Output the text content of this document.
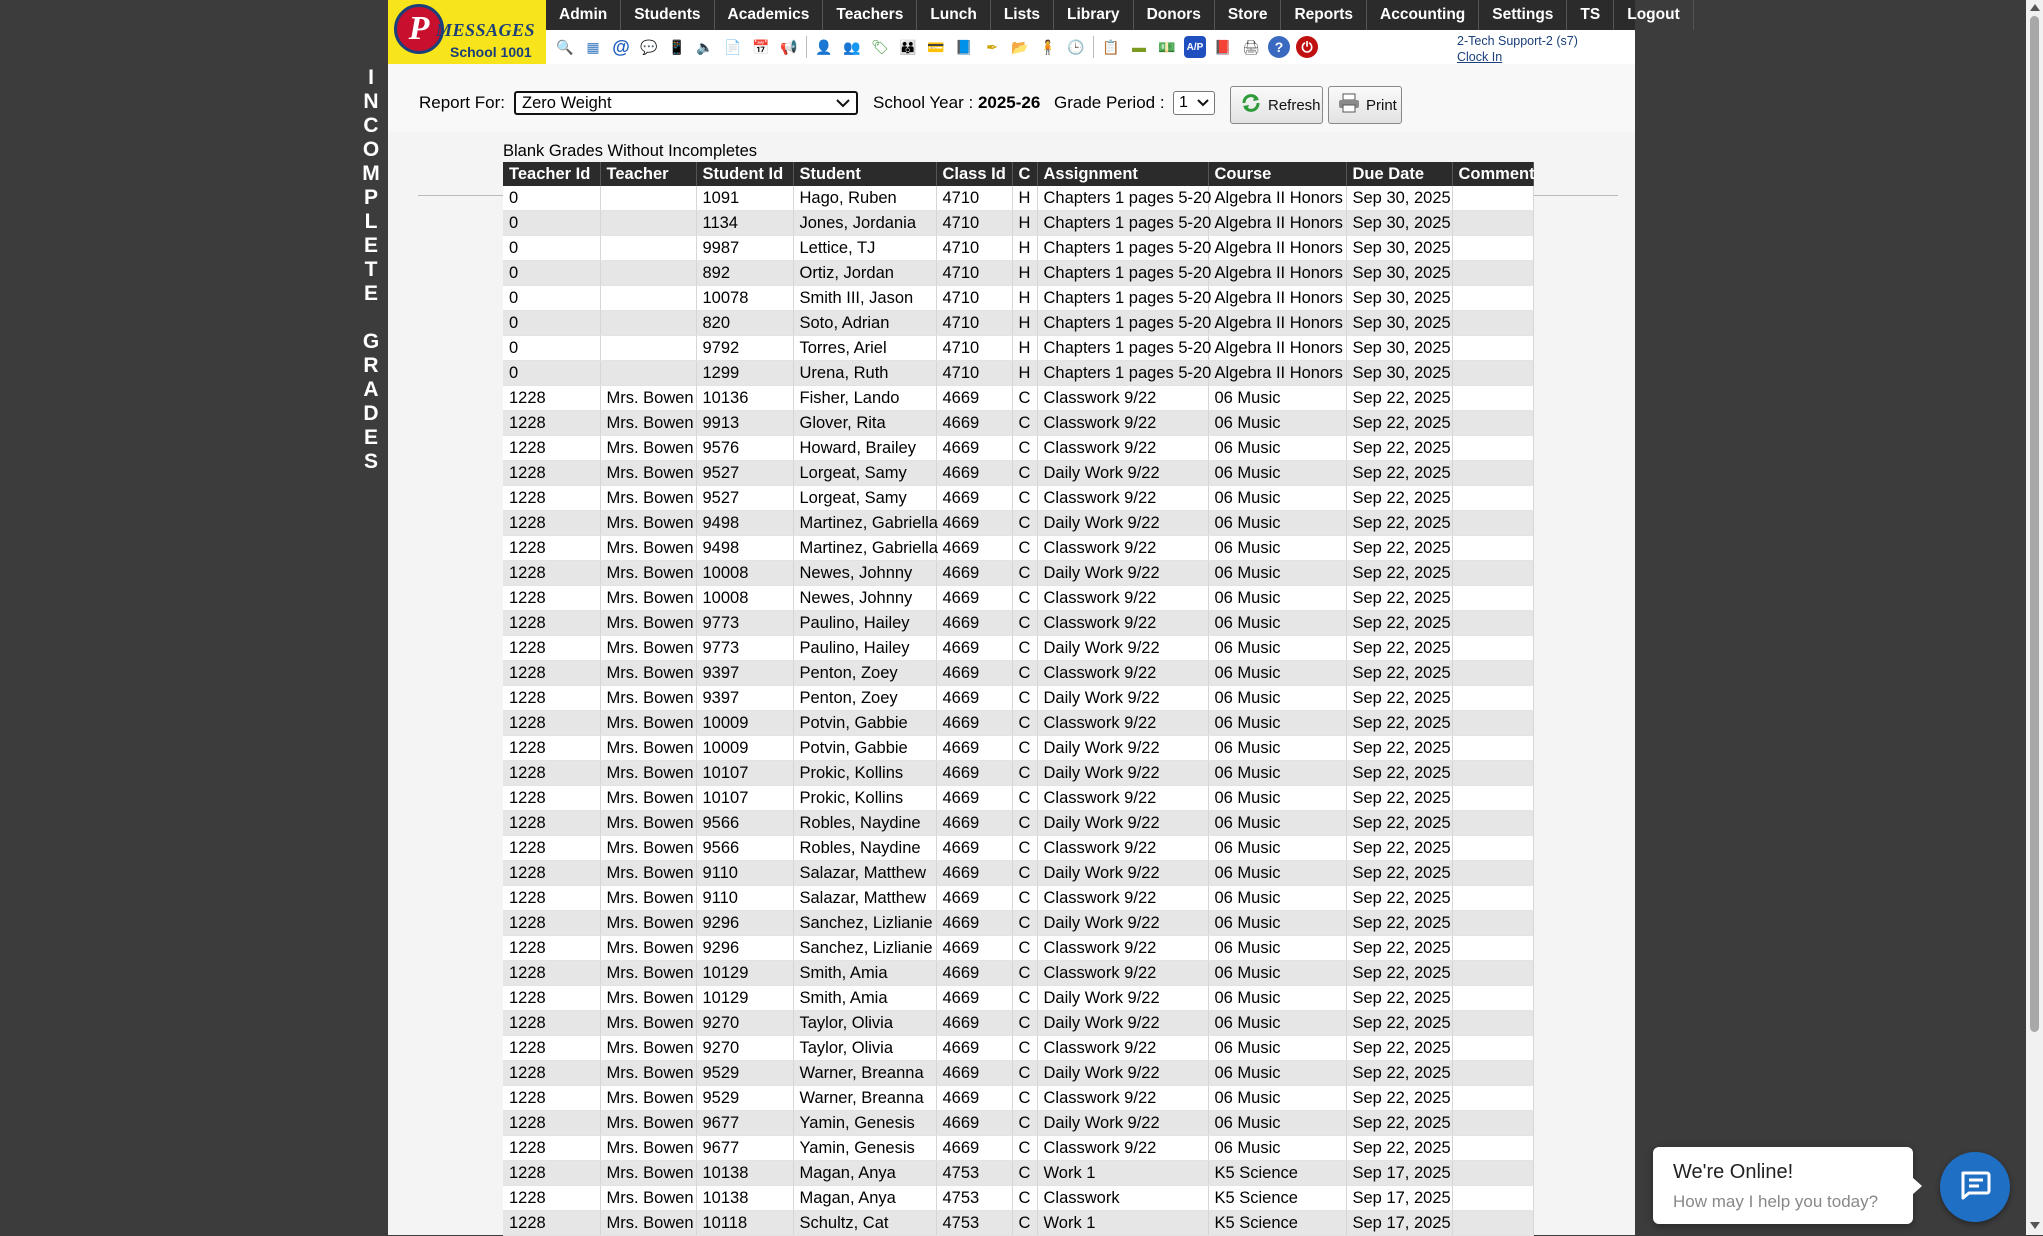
I
N
C
O
M
P
L
E
T
E
G
R
A
D
E
S
P MESSAGES
School 1001
Admin	Students	Academics	Teachers	Lunch	Lists	Library	Donors	Store	Reports	Accounting	Settings	TS	Logout
🔍 ▦ @ 💬 📱 🔈 📄 📅 📢 👤 👥 🏷 👪 💳 📘 ✒ 📂 🧍 🕒 📋 ▬ 💵 A/P 📕 🖨	?	⏻	2-Tech Support-2 (s7)
Clock In
Report For: Zero Weight	School Year : 2025-26 Grade Period : 1	Refresh	Print
Blank Grades Without Incompletes
Teacher Id	Teacher	Student Id	Student	Class Id	C	Assignment	Course	Due Date	Comment
0		1091	Hago, Ruben	4710	H	Chapters 1 pages 5-20	Algebra II Honors	Sep 30, 2025	
0		1134	Jones, Jordania	4710	H	Chapters 1 pages 5-20	Algebra II Honors	Sep 30, 2025	
0		9987	Lettice, TJ	4710	H	Chapters 1 pages 5-20	Algebra II Honors	Sep 30, 2025	
0		892	Ortiz, Jordan	4710	H	Chapters 1 pages 5-20	Algebra II Honors	Sep 30, 2025	
0		10078	Smith III, Jason	4710	H	Chapters 1 pages 5-20	Algebra II Honors	Sep 30, 2025	
0		820	Soto, Adrian	4710	H	Chapters 1 pages 5-20	Algebra II Honors	Sep 30, 2025	
0		9792	Torres, Ariel	4710	H	Chapters 1 pages 5-20	Algebra II Honors	Sep 30, 2025	
0		1299	Urena, Ruth	4710	H	Chapters 1 pages 5-20	Algebra II Honors	Sep 30, 2025	
1228	Mrs. Bowen	10136	Fisher, Lando	4669	C	Classwork 9/22	06 Music	Sep 22, 2025	
1228	Mrs. Bowen	9913	Glover, Rita	4669	C	Classwork 9/22	06 Music	Sep 22, 2025	
1228	Mrs. Bowen	9576	Howard, Brailey	4669	C	Classwork 9/22	06 Music	Sep 22, 2025	
1228	Mrs. Bowen	9527	Lorgeat, Samy	4669	C	Daily Work 9/22	06 Music	Sep 22, 2025	
1228	Mrs. Bowen	9527	Lorgeat, Samy	4669	C	Classwork 9/22	06 Music	Sep 22, 2025	
1228	Mrs. Bowen	9498	Martinez, Gabriella	4669	C	Daily Work 9/22	06 Music	Sep 22, 2025	
1228	Mrs. Bowen	9498	Martinez, Gabriella	4669	C	Classwork 9/22	06 Music	Sep 22, 2025	
1228	Mrs. Bowen	10008	Newes, Johnny	4669	C	Daily Work 9/22	06 Music	Sep 22, 2025	
1228	Mrs. Bowen	10008	Newes, Johnny	4669	C	Classwork 9/22	06 Music	Sep 22, 2025	
1228	Mrs. Bowen	9773	Paulino, Hailey	4669	C	Classwork 9/22	06 Music	Sep 22, 2025	
1228	Mrs. Bowen	9773	Paulino, Hailey	4669	C	Daily Work 9/22	06 Music	Sep 22, 2025	
1228	Mrs. Bowen	9397	Penton, Zoey	4669	C	Classwork 9/22	06 Music	Sep 22, 2025	
1228	Mrs. Bowen	9397	Penton, Zoey	4669	C	Daily Work 9/22	06 Music	Sep 22, 2025	
1228	Mrs. Bowen	10009	Potvin, Gabbie	4669	C	Classwork 9/22	06 Music	Sep 22, 2025	
1228	Mrs. Bowen	10009	Potvin, Gabbie	4669	C	Daily Work 9/22	06 Music	Sep 22, 2025	
1228	Mrs. Bowen	10107	Prokic, Kollins	4669	C	Daily Work 9/22	06 Music	Sep 22, 2025	
1228	Mrs. Bowen	10107	Prokic, Kollins	4669	C	Classwork 9/22	06 Music	Sep 22, 2025	
1228	Mrs. Bowen	9566	Robles, Naydine	4669	C	Daily Work 9/22	06 Music	Sep 22, 2025	
1228	Mrs. Bowen	9566	Robles, Naydine	4669	C	Classwork 9/22	06 Music	Sep 22, 2025	
1228	Mrs. Bowen	9110	Salazar, Matthew	4669	C	Daily Work 9/22	06 Music	Sep 22, 2025	
1228	Mrs. Bowen	9110	Salazar, Matthew	4669	C	Classwork 9/22	06 Music	Sep 22, 2025	
1228	Mrs. Bowen	9296	Sanchez, Lizlianie	4669	C	Daily Work 9/22	06 Music	Sep 22, 2025	
1228	Mrs. Bowen	9296	Sanchez, Lizlianie	4669	C	Classwork 9/22	06 Music	Sep 22, 2025	
1228	Mrs. Bowen	10129	Smith, Amia	4669	C	Classwork 9/22	06 Music	Sep 22, 2025	
1228	Mrs. Bowen	10129	Smith, Amia	4669	C	Daily Work 9/22	06 Music	Sep 22, 2025	
1228	Mrs. Bowen	9270	Taylor, Olivia	4669	C	Daily Work 9/22	06 Music	Sep 22, 2025	
1228	Mrs. Bowen	9270	Taylor, Olivia	4669	C	Classwork 9/22	06 Music	Sep 22, 2025	
1228	Mrs. Bowen	9529	Warner, Breanna	4669	C	Daily Work 9/22	06 Music	Sep 22, 2025	
1228	Mrs. Bowen	9529	Warner, Breanna	4669	C	Classwork 9/22	06 Music	Sep 22, 2025	
1228	Mrs. Bowen	9677	Yamin, Genesis	4669	C	Daily Work 9/22	06 Music	Sep 22, 2025	
1228	Mrs. Bowen	9677	Yamin, Genesis	4669	C	Classwork 9/22	06 Music	Sep 22, 2025	
1228	Mrs. Bowen	10138	Magan, Anya	4753	C	Work 1	K5 Science	Sep 17, 2025	
1228	Mrs. Bowen	10138	Magan, Anya	4753	C	Classwork	K5 Science	Sep 17, 2025	
1228	Mrs. Bowen	10118	Schultz, Cat	4753	C	Work 1	K5 Science	Sep 17, 2025	
We're Online!
How may I help you today?
